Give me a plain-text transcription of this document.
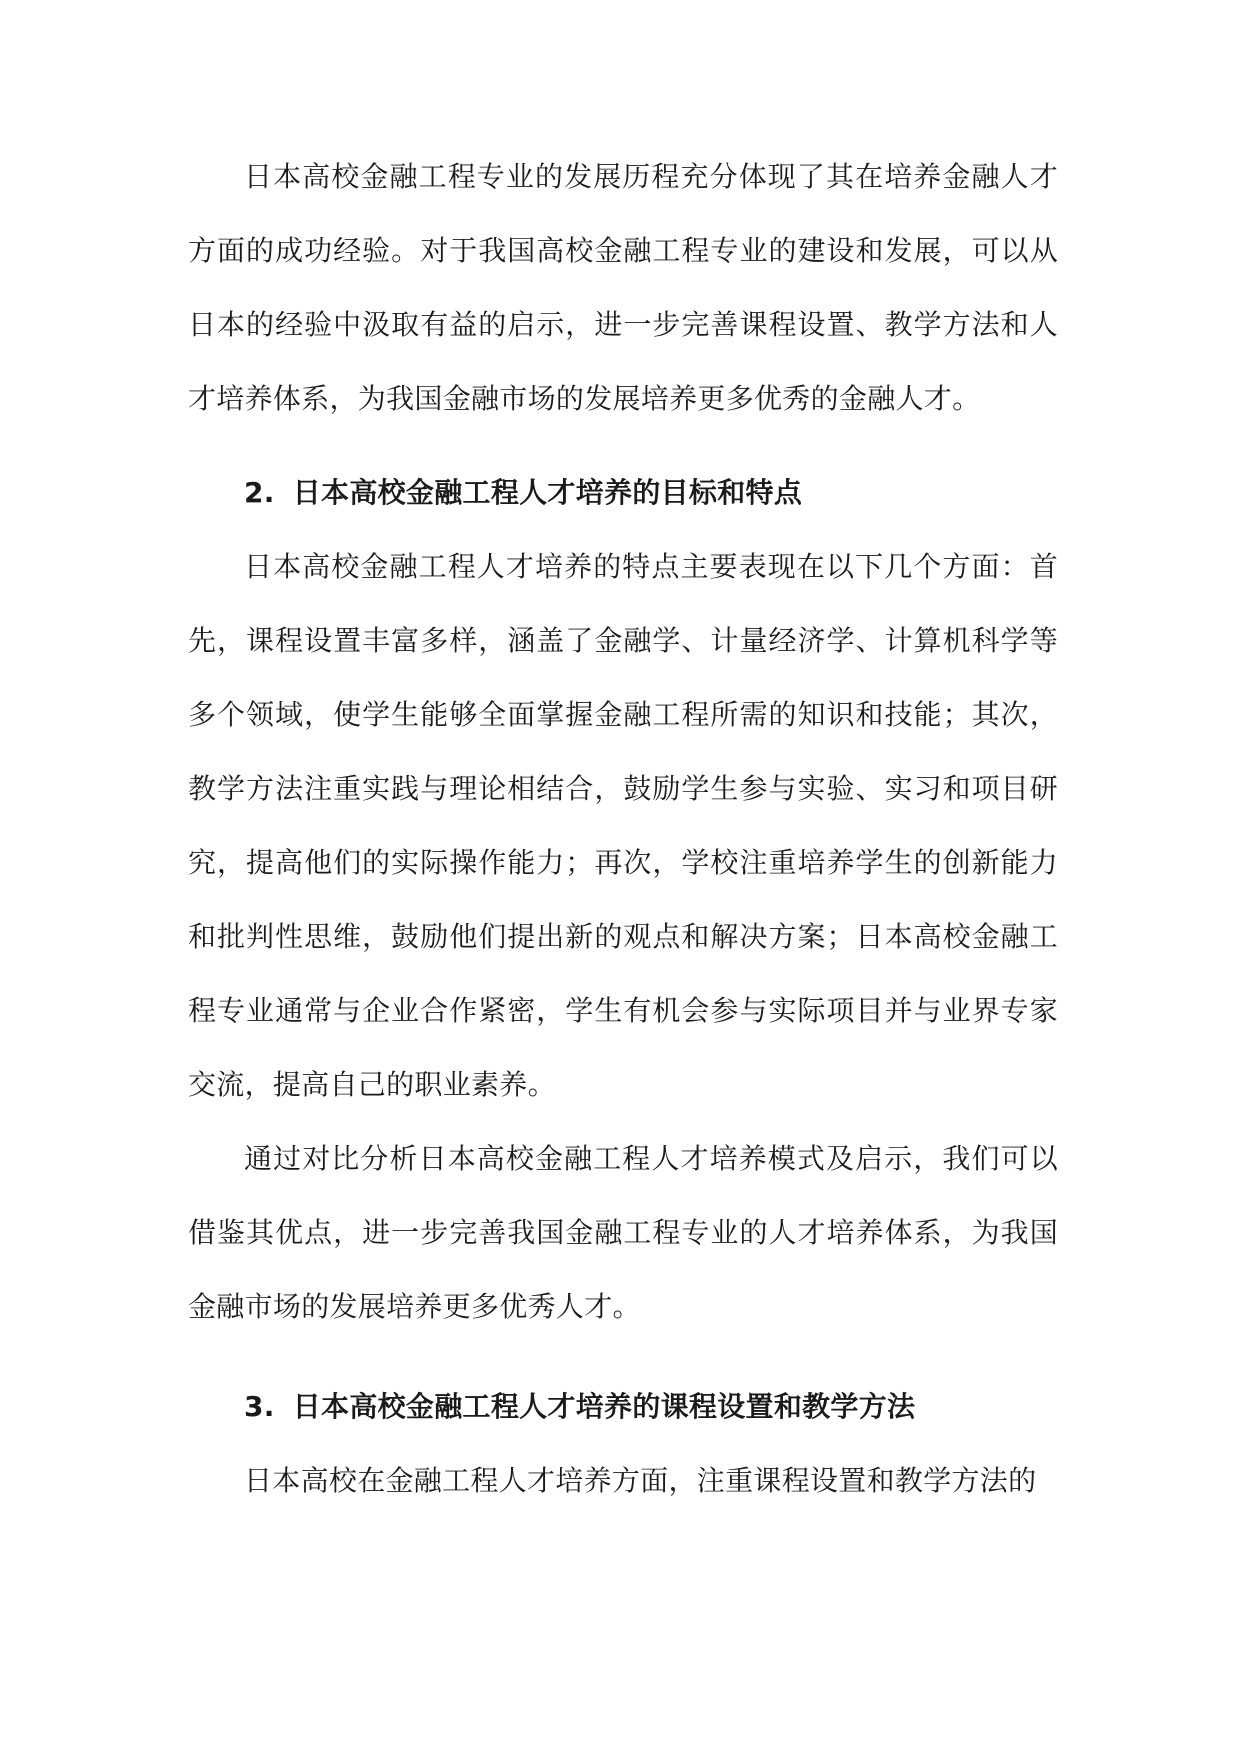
日本高校金融工程专业的发展历程充分体现了其在培养金融人才方面的成功经验。对于我国高校金融工程专业的建设和发展，可以从日本的经验中汲取有益的启示，进一步完善课程设置、教学方法和人才培养体系，为我国金融市场的发展培养更多优秀的金融人才。

2. 日本高校金融工程人才培养的目标和特点

日本高校金融工程人才培养的特点主要表现在以下几个方面：首先，课程设置丰富多样，涵盖了金融学、计量经济学、计算机科学等多个领域，使学生能够全面掌握金融工程所需的知识和技能；其次，教学方法注重实践与理论相结合，鼓励学生参与实验、实习和项目研究，提高他们的实际操作能力；再次，学校注重培养学生的创新能力和批判性思维，鼓励他们提出新的观点和解决方案；日本高校金融工程专业通常与企业合作紧密，学生有机会参与实际项目并与业界专家交流，提高自己的职业素养。

通过对比分析日本高校金融工程人才培养模式及启示，我们可以借鉴其优点，进一步完善我国金融工程专业的人才培养体系，为我国金融市场的发展培养更多优秀人才。

3. 日本高校金融工程人才培养的课程设置和教学方法

日本高校在金融工程人才培养方面，注重课程设置和教学方法的
